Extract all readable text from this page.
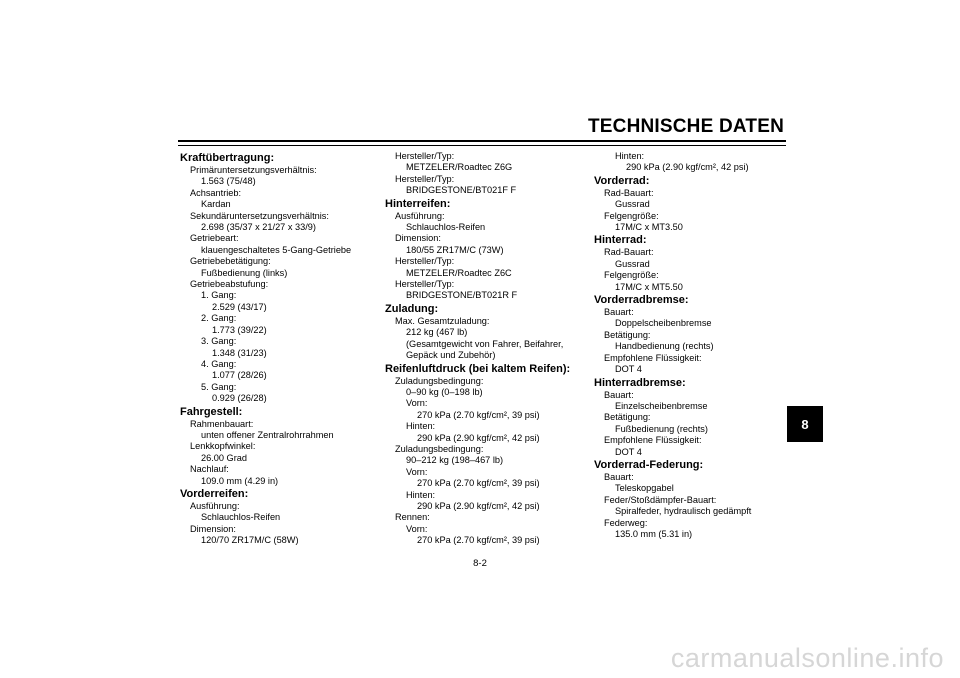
TECHNISCHE DATEN
Kraftübertragung:
Primäruntersetzungsverhältnis:
1.563 (75/48)
Achsantrieb:
Kardan
Sekundäruntersetzungsverhältnis:
2.698 (35/37 x 21/27 x 33/9)
Getriebeart:
klauengeschaltetes 5-Gang-Getriebe
Getriebebetätigung:
Fußbedienung (links)
Getriebeabstufung:
1. Gang:
2.529 (43/17)
2. Gang:
1.773 (39/22)
3. Gang:
1.348 (31/23)
4. Gang:
1.077 (28/26)
5. Gang:
0.929 (26/28)
Fahrgestell:
Rahmenbauart:
unten offener Zentralrohrrahmen
Lenkkopfwinkel:
26.00 Grad
Nachlauf:
109.0 mm (4.29 in)
Vorderreifen:
Ausführung:
Schlauchlos-Reifen
Dimension:
120/70 ZR17M/C (58W)
Hersteller/Typ:
METZELER/Roadtec Z6G
Hersteller/Typ:
BRIDGESTONE/BT021F F
Hinterreifen:
Ausführung:
Schlauchlos-Reifen
Dimension:
180/55 ZR17M/C (73W)
Hersteller/Typ:
METZELER/Roadtec Z6C
Hersteller/Typ:
BRIDGESTONE/BT021R F
Zuladung:
Max. Gesamtzuladung:
212 kg (467 lb)
(Gesamtgewicht von Fahrer, Beifahrer,
Gepäck und Zubehör)
Reifenluftdruck (bei kaltem Reifen):
Zuladungsbedingung:
0–90 kg (0–198 lb)
Vorn:
270 kPa (2.70 kgf/cm², 39 psi)
Hinten:
290 kPa (2.90 kgf/cm², 42 psi)
Zuladungsbedingung:
90–212 kg (198–467 lb)
Vorn:
270 kPa (2.70 kgf/cm², 39 psi)
Hinten:
290 kPa (2.90 kgf/cm², 42 psi)
Rennen:
Vorn:
270 kPa (2.70 kgf/cm², 39 psi)
Hinten:
290 kPa (2.90 kgf/cm², 42 psi)
Vorderrad:
Rad-Bauart:
Gussrad
Felgengröße:
17M/C x MT3.50
Hinterrad:
Rad-Bauart:
Gussrad
Felgengröße:
17M/C x MT5.50
Vorderradbremse:
Bauart:
Doppelscheibenbremse
Betätigung:
Handbedienung (rechts)
Empfohlene Flüssigkeit:
DOT 4
Hinterradbremse:
Bauart:
Einzelscheibenbremse
Betätigung:
Fußbedienung (rechts)
Empfohlene Flüssigkeit:
DOT 4
Vorderrad-Federung:
Bauart:
Teleskopgabel
Feder/Stoßdämpfer-Bauart:
Spiralfeder, hydraulisch gedämpft
Federweg:
135.0 mm (5.31 in)
8
8-2
carmanualsonline.info
